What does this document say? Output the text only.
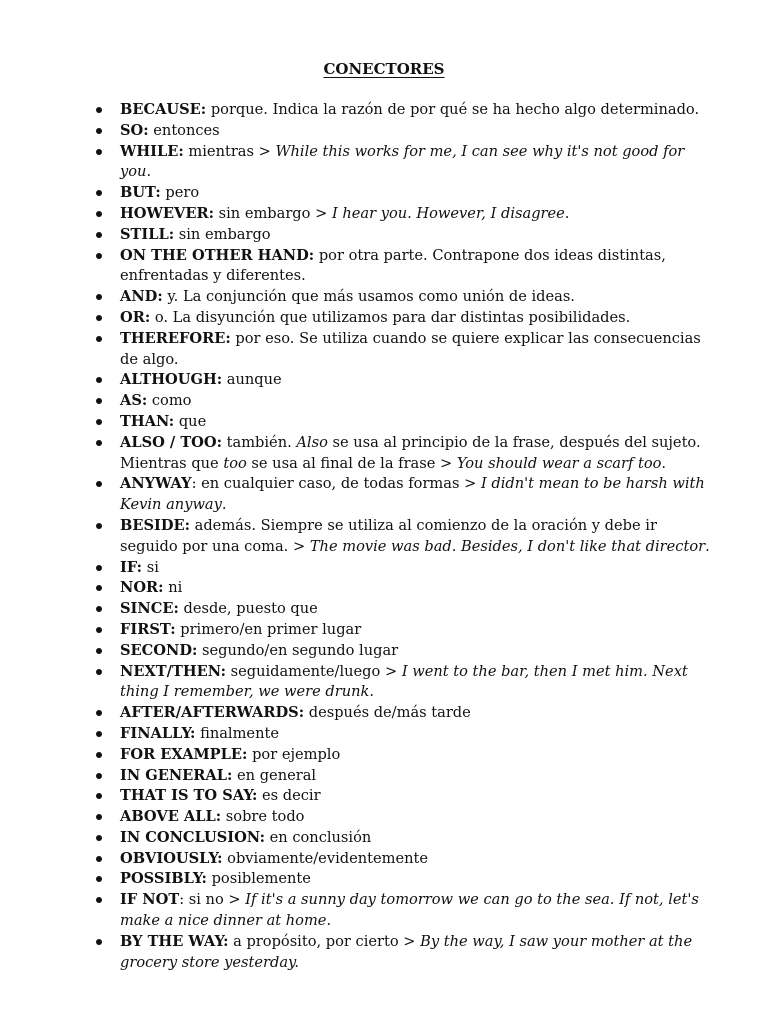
CONECTORES
BECAUSE: porque. Indica la razón de por qué se ha hecho algo determinado.
SO: entonces
WHILE: mientras > While this works for me, I can see why it's not good for you.
BUT: pero
HOWEVER: sin embargo > I hear you. However, I disagree.
STILL: sin embargo
ON THE OTHER HAND: por otra parte. Contrapone dos ideas distintas, enfrentadas y diferentes.
AND: y. La conjunción que más usamos como unión de ideas.
OR: o. La disyunción que utilizamos para dar distintas posibilidades.
THEREFORE: por eso. Se utiliza cuando se quiere explicar las consecuencias de algo.
ALTHOUGH: aunque
AS: como
THAN: que
ALSO / TOO: también. Also se usa al principio de la frase, después del sujeto. Mientras que too se usa al final de la frase > You should wear a scarf too.
ANYWAY: en cualquier caso, de todas formas > I didn't mean to be harsh with Kevin anyway.
BESIDE: además. Siempre se utiliza al comienzo de la oración y debe ir seguido por una coma. > The movie was bad. Besides, I don't like that director.
IF: si
NOR: ni
SINCE: desde, puesto que
FIRST: primero/en primer lugar
SECOND: segundo/en segundo lugar
NEXT/THEN: seguidamente/luego > I went to the bar, then I met him. Next thing I remember, we were drunk.
AFTER/AFTERWARDS: después de/más tarde
FINALLY: finalmente
FOR EXAMPLE: por ejemplo
IN GENERAL: en general
THAT IS TO SAY: es decir
ABOVE ALL: sobre todo
IN CONCLUSION: en conclusión
OBVIOUSLY: obviamente/evidentemente
POSSIBLY: posiblemente
IF NOT: si no > If it's a sunny day tomorrow we can go to the sea. If not, let's make a nice dinner at home.
BY THE WAY: a propósito, por cierto > By the way, I saw your mother at the grocery store yesterday.
